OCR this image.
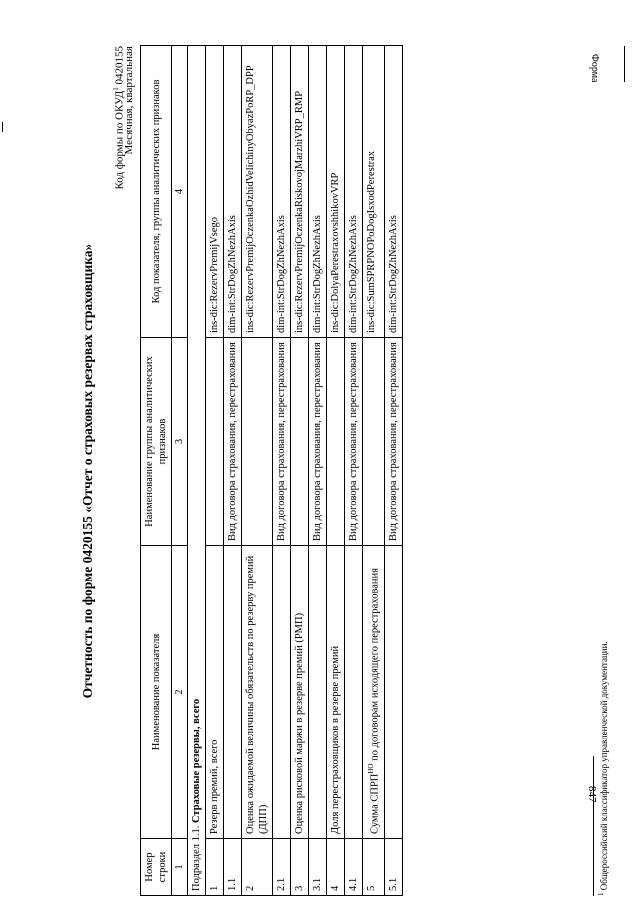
Форма
847
Отчетность по форме 0420155 «Отчет о страховых резервах страховщика»
Код формы по ОКУД$^1$ 0420155
Месячная, квартальная
Номер строки	Наименование показателя	Наименование группы аналитических признаков	Код показателя, группы аналитических признаков
1	2	3	4
Подраздел 1.1. Страховые резервы, всего			
1	Резерв премий, всего		ins-dic:RezervPremijVsego
1.1		Вид договора страхования, перестрахования	dim-int:StrDogZhNezhAxis
2	Оценка ожидаемой величины обязательств по резерву премий (ДПП)		ins-dic:RezervPremijOczenkaOzhidVelichinyObyazPoRP_DPP
2.1		Вид договора страхования, перестрахования	dim-int:StrDogZhNezhAxis
3	Оценка рисковой маржи в резерве премий (РМП)		ins-dic:RezervPremijOczenkaRiskovojMarzhiVRP_RMP
3.1		Вид договора страхования, перестрахования	dim-int:StrDogZhNezhAxis
4	Доля перестраховщиков в резерве премий		ins-dic:DolyaPerestraxovshhikovVRP
4.1		Вид договора страхования, перестрахования	dim-int:StrDogZhNezhAxis
5	Сумма $СПРП^{НО}$ по договорам исходящего перестрахования		ins-dic:SumSPRPNOPoDogIsxodPerestrax
5.1		Вид договора страхования, перестрахования	dim-int:StrDogZhNezhAxis
$^1$ Общероссийский классификатор управленческой документации.
